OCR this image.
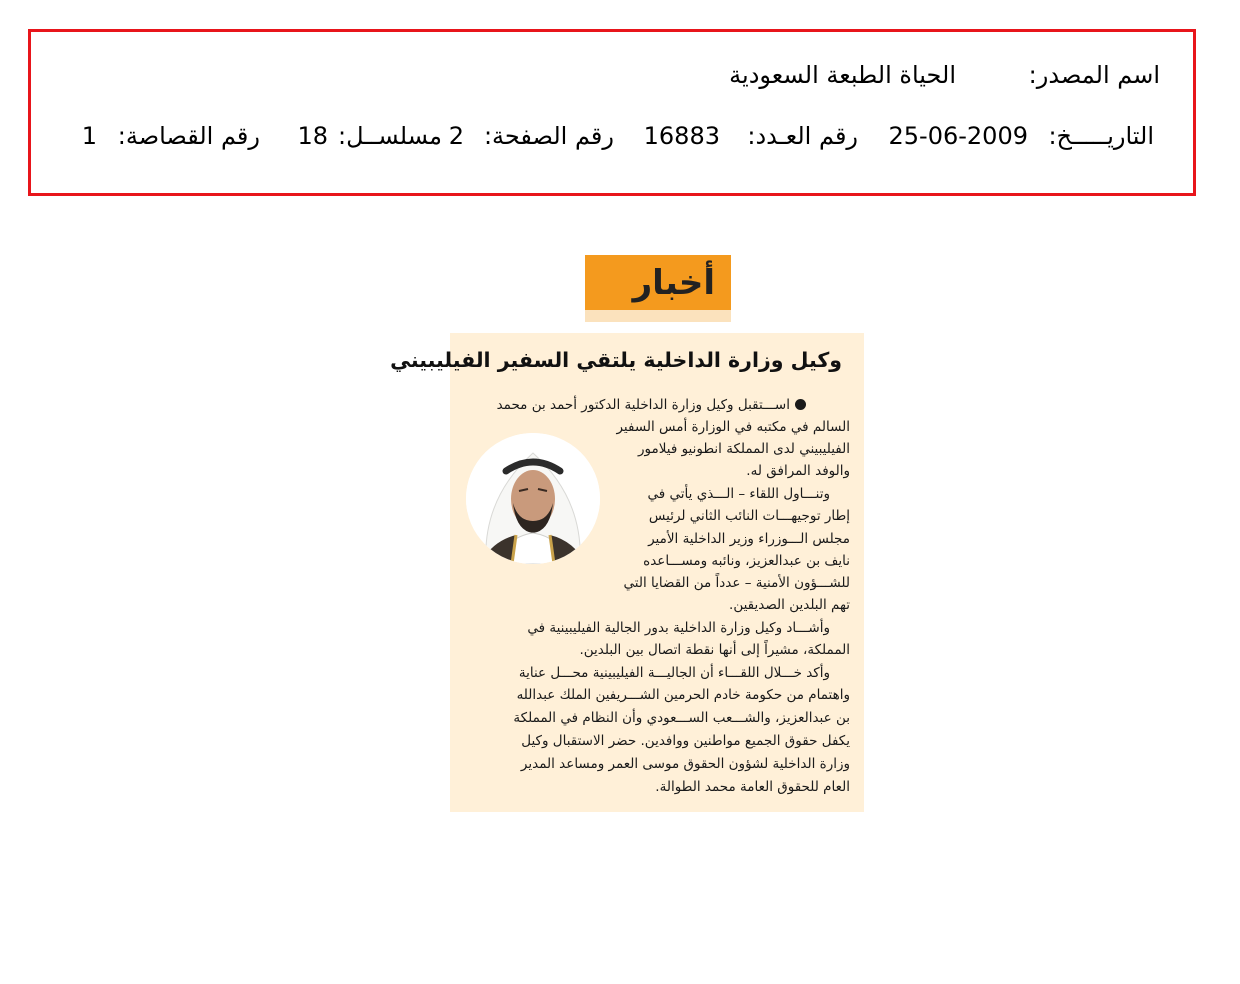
اسم المصدر:
الحياة الطبعة السعودية
التاريـــــخ:
25-06-2009
رقم العـدد:
16883
رقم الصفحة:
2
مسلســل:
18
رقم القصاصة:
1
أخبار
وكيل وزارة الداخلية يلتقي السفير الفيليبيني
اســـتقبل وكيل وزارة الداخلية الدكتور أحمد بن محمد
السالم في مكتبه في الوزارة أمس السفير
الفيليبيني لدى المملكة انطونيو فيلامور
والوفد المرافق له.
وتنـــاول اللقاء – الـــذي يأتي في
إطار توجيهـــات النائب الثاني لرئيس
مجلس الـــوزراء وزير الداخلية الأمير
نايف بن عبدالعزيز، ونائبه ومســـاعده
للشـــؤون الأمنية – عدداً من القضايا التي
تهم البلدين الصديقين.
وأشـــاد وكيل وزارة الداخلية بدور الجالية الفيليبينية في
المملكة، مشيراً إلى أنها نقطة اتصال بين البلدين.
وأكد خـــلال اللقـــاء أن الجاليـــة الفيليبينية محـــل عناية
واهتمام من حكومة خادم الحرمين الشـــريفين الملك عبدالله
بن عبدالعزيز، والشـــعب الســـعودي وأن النظام في المملكة
يكفل حقوق الجميع مواطنين ووافدين. حضر الاستقبال وكيل
وزارة الداخلية لشؤون الحقوق موسى العمر ومساعد المدير
العام للحقوق العامة محمد الطوالة.
